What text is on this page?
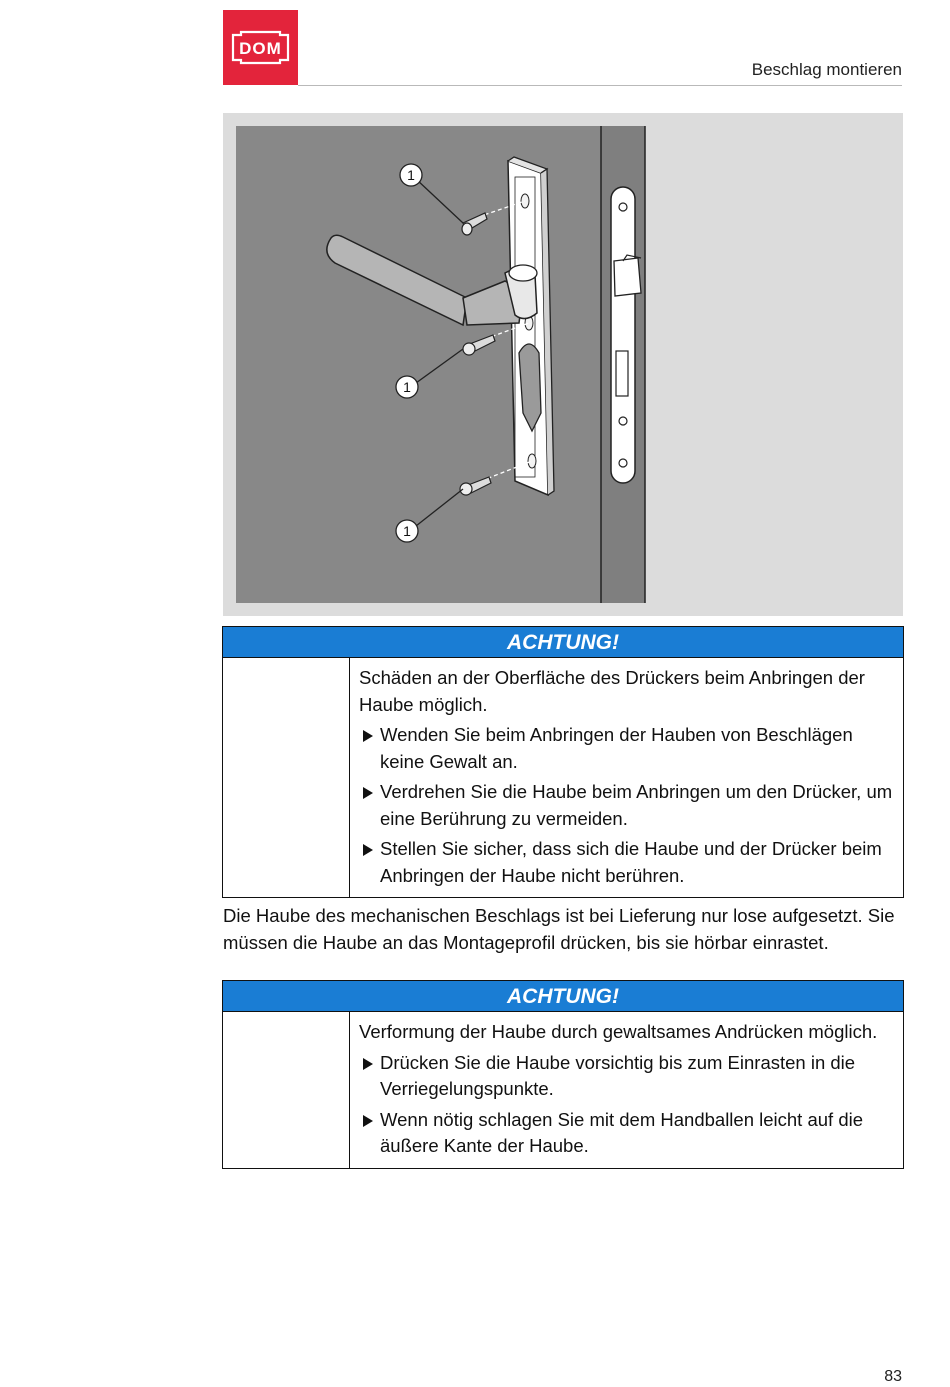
DOM
Beschlag montieren
1
1
1
ACHTUNG!

Schäden an der Oberfläche des Drückers beim Anbringen der Haube möglich.

Wenden Sie beim Anbringen der Hauben von Beschlägen keine Gewalt an.
Verdrehen Sie die Haube beim Anbringen um den Drücker, um eine Berührung zu vermeiden.
Stellen Sie sicher, dass sich die Haube und der Drücker beim Anbringen der Haube nicht berühren.
Die Haube des mechanischen Beschlags ist bei Lieferung nur lose aufgesetzt. Sie müssen die Haube an das Montageprofil drücken, bis sie hörbar einrastet.
ACHTUNG!

Verformung der Haube durch gewaltsames Andrücken möglich.

Drücken Sie die Haube vorsichtig bis zum Einrasten in die Verriegelungspunkte.
Wenn nötig schlagen Sie mit dem Handballen leicht auf die äußere Kante der Haube.
83
